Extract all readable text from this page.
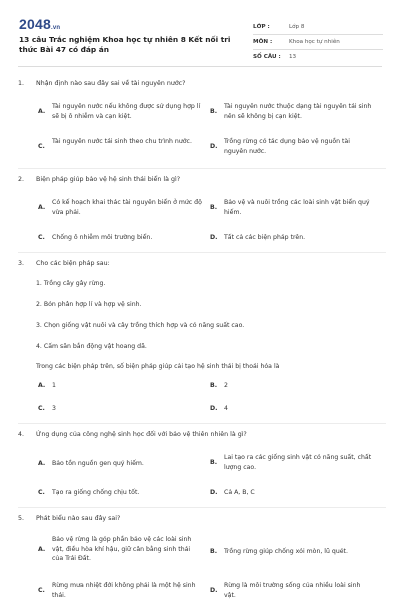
2048.vn
13 câu Trắc nghiệm Khoa học tự nhiên 8 Kết nối tri thức Bài 47 có đáp án
LỚP :	Lớp 8
MÔN :	Khoa học tự nhiên
SỐ CÂU :	13
1.	Nhận định nào sau đây sai về tài nguyên nước?
A.
Tài nguyên nước nếu không được sử dụng hợp lí sẽ bị ô nhiễm và cạn kiệt.
B.
Tài nguyên nước thuộc dạng tài nguyên tái sinh nên sẽ không bị cạn kiệt.
C.
Tài nguyên nước tái sinh theo chu trình nước.
D.
Trồng rừng có tác dụng bảo vệ nguồn tài nguyên nước.
2.	Biện pháp giúp bảo vệ hệ sinh thái biển là gì?
A.
Có kế hoạch khai thác tài nguyên biển ở mức độ vừa phải.
B.
Bảo vệ và nuôi trồng các loài sinh vật biển quý hiếm.
C.	Chống ô nhiễm môi trường biển.	D.	Tất cả các biện pháp trên.
3.	Cho các biện pháp sau:
1. Trồng cây gây rừng.
2. Bón phân hợp lí và hợp vệ sinh.
3. Chọn giống vật nuôi và cây trồng thích hợp và có năng suất cao.
4. Cấm săn bắn động vật hoang dã.
Trong các biện pháp trên, số biện pháp giúp cải tạo hệ sinh thái bị thoái hóa là
A.	1	B.	2
C.	3	D.	4
4.	Ứng dụng của công nghệ sinh học đối với bảo vệ thiên nhiên là gì?
A.	Bảo tồn nguồn gen quý hiếm.	B.
Lai tạo ra các giống sinh vật có năng suất, chất lượng cao.
C.	Tạo ra giống chống chịu tốt.	D.	Cả A, B, C
5.	Phát biểu nào sau đây sai?
A.
Bảo vệ rừng là góp phần bảo vệ các loài sinh vật, điều hòa khí hậu, giữ cân bằng sinh thái của Trái Đất.
B.	Trồng rừng giúp chống xói mòn, lũ quét.
C.
Rừng mưa nhiệt đới không phải là một hệ sinh thái.
D.
Rừng là môi trường sống của nhiều loài sinh vật.
